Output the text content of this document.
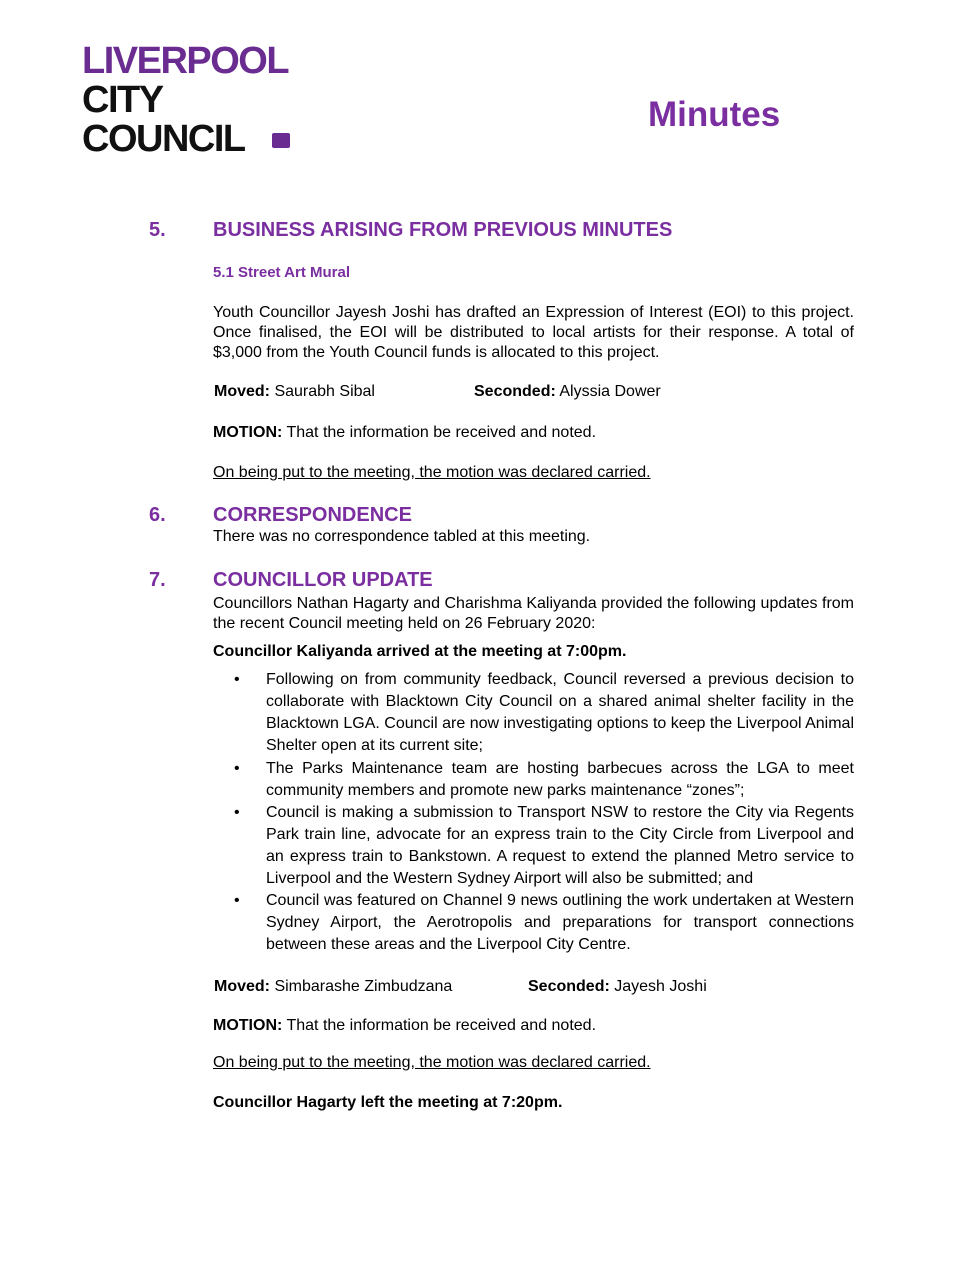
LIVERPOOL
CITY
COUNCIL
Minutes
5. BUSINESS ARISING FROM PREVIOUS MINUTES
5.1 Street Art Mural
Youth Councillor Jayesh Joshi has drafted an Expression of Interest (EOI) to this project. Once finalised, the EOI will be distributed to local artists for their response. A total of $3,000 from the Youth Council funds is allocated to this project.
Moved: Saurabh Sibal	Seconded: Alyssia Dower
MOTION: That the information be received and noted.
On being put to the meeting, the motion was declared carried.
6. CORRESPONDENCE
There was no correspondence tabled at this meeting.
7. COUNCILLOR UPDATE
Councillors Nathan Hagarty and Charishma Kaliyanda provided the following updates from the recent Council meeting held on 26 February 2020:
Councillor Kaliyanda arrived at the meeting at 7:00pm.
• Following on from community feedback, Council reversed a previous decision to collaborate with Blacktown City Council on a shared animal shelter facility in the Blacktown LGA. Council are now investigating options to keep the Liverpool Animal Shelter open at its current site;
• The Parks Maintenance team are hosting barbecues across the LGA to meet community members and promote new parks maintenance “zones”;
• Council is making a submission to Transport NSW to restore the City via Regents Park train line, advocate for an express train to the City Circle from Liverpool and an express train to Bankstown. A request to extend the planned Metro service to Liverpool and the Western Sydney Airport will also be submitted; and
• Council was featured on Channel 9 news outlining the work undertaken at Western Sydney Airport, the Aerotropolis and preparations for transport connections between these areas and the Liverpool City Centre.
Moved: Simbarashe Zimbudzana	Seconded: Jayesh Joshi
MOTION: That the information be received and noted.
On being put to the meeting, the motion was declared carried.
Councillor Hagarty left the meeting at 7:20pm.
